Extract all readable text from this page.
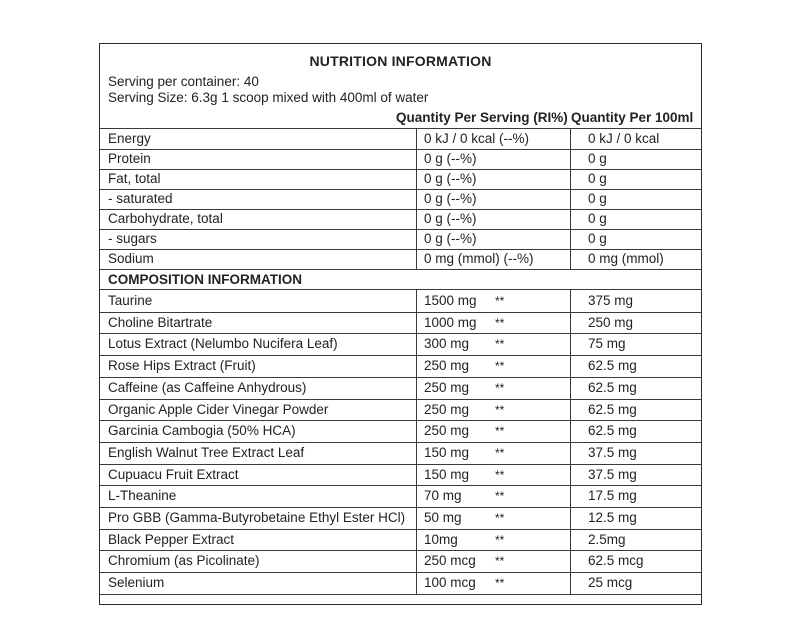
NUTRITION INFORMATION
Serving per container: 40
Serving Size: 6.3g 1 scoop mixed with 400ml of water
Quantity Per Serving (RI%) Quantity Per 100ml
COMPOSITION INFORMATION
Energy	0 kJ / 0 kcal (--%)	0 kJ / 0 kcal
Protein	0 g (--%)	0 g
Fat, total	0 g (--%)	0 g
- saturated	0 g (--%)	0 g
Carbohydrate, total	0 g (--%)	0 g
- sugars	0 g (--%)	0 g
Sodium	0 mg (mmol) (--%)	0 mg (mmol)
Taurine	1500 mg **	375 mg
Choline Bitartrate	1000 mg **	250 mg
Lotus Extract (Nelumbo Nucifera Leaf)	300 mg **	75 mg
Rose Hips Extract (Fruit)	250 mg **	62.5 mg
Caffeine (as Caffeine Anhydrous)	250 mg **	62.5 mg
Organic Apple Cider Vinegar Powder	250 mg **	62.5 mg
Garcinia Cambogia (50% HCA)	250 mg **	62.5 mg
English Walnut Tree Extract Leaf	150 mg **	37.5 mg
Cupuacu Fruit Extract	150 mg **	37.5 mg
L-Theanine	70 mg	**	17.5 mg
Pro GBB (Gamma-Butyrobetaine Ethyl Ester HCl) 50 mg	**	12.5 mg
Black Pepper Extract	10mg	**	2.5mg
Chromium (as Picolinate)	250 mcg **	62.5 mcg
Selenium	100 mcg **	25 mcg
